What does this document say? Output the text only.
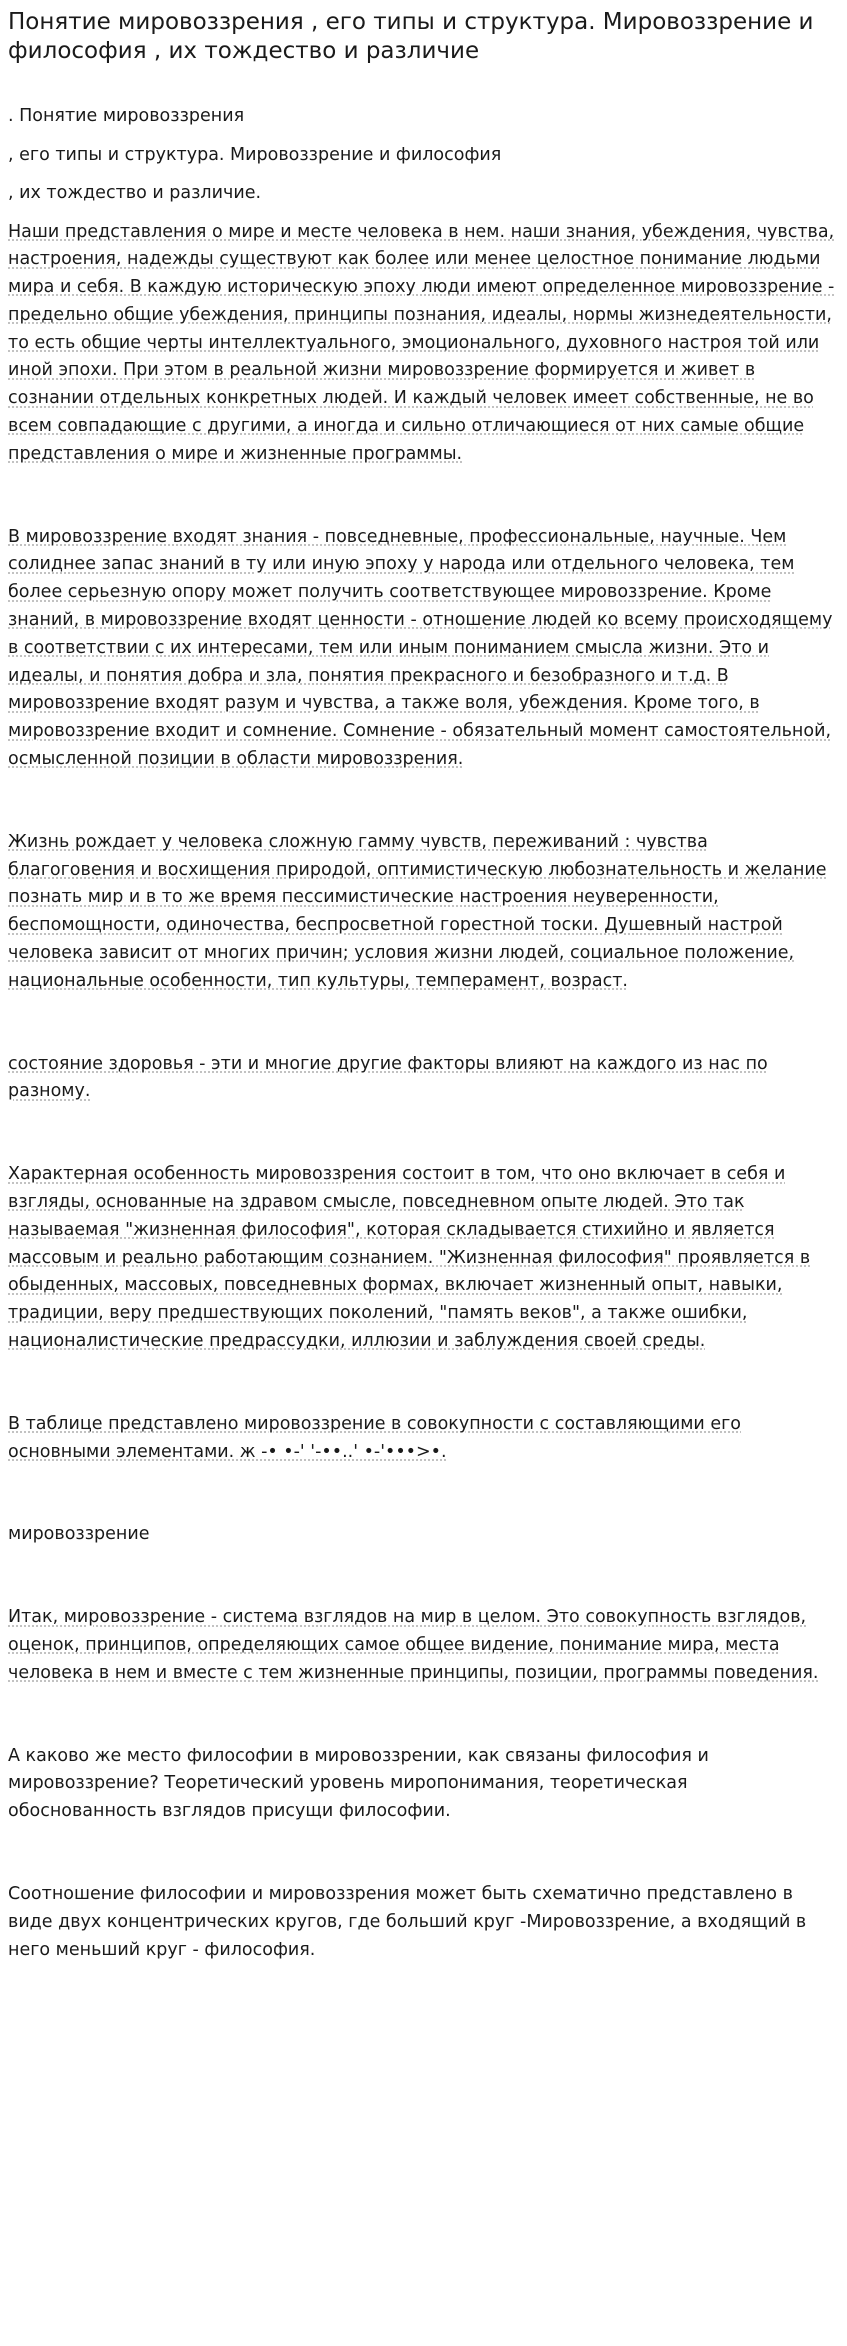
Понятие мировоззрения , его типы и структура. Мировоззрение и философия , их тождество и различие
. Понятие мировоззрения
, его типы и структура. Мировоззрение и философия
, их тождество и различие.

Наши представления о мире и месте человека в нем. наши знания, убеждения, чувства, настроения, надежды существуют как более или менее целостное понимание людьми мира и себя. В каждую историческую эпоху люди имеют определенное мировоззрение - предельно общие убеждения, принципы познания, идеалы, нормы жизнедеятельности, то есть общие черты интеллектуального, эмоционального, духовного настроя той или иной эпохи. При этом в реальной жизни мировоззрение формируется и живет в сознании отдельных конкретных людей. И каждый человек имеет собственные, не во всем совпадающие с другими, а иногда и сильно отличающиеся от них самые общие представления о мире и жизненные программы.

В мировоззрение входят знания - повседневные, профессиональные, научные. Чем солиднее запас знаний в ту или иную эпоху у народа или отдельного человека, тем более серьезную опору может получить соответствующее мировоззрение. Кроме знаний, в мировоззрение входят ценности - отношение людей ко всему происходящему в соответствии с их интересами, тем или иным пониманием смысла жизни. Это и идеалы, и понятия добра и зла, понятия прекрасного и безобразного и т.д. В мировоззрение входят разум и чувства, а также воля, убеждения. Кроме того, в мировоззрение входит и сомнение. Сомнение - обязательный момент самостоятельной, осмысленной позиции в области мировоззрения.

Жизнь рождает у человека сложную гамму чувств, переживаний : чувства благоговения и восхищения природой, оптимистическую любознательность и желание познать мир и в то же время пессимистические настроения неуверенности, беспомощности, одиночества, беспросветной горестной тоски. Душевный настрой человека зависит от многих причин; условия жизни людей, социальное положение, национальные особенности, тип культуры, темперамент, возраст.

состояние здоровья - эти и многие другие факторы влияют на каждого из нас по разному.

Характерная особенность мировоззрения состоит в том, что оно включает в себя и взгляды, основанные на здравом смысле, повседневном опыте людей. Это так называемая "жизненная философия", которая складывается стихийно и является массовым и реально работающим сознанием. "Жизненная философия" проявляется в обыденных, массовых, повседневных формах, включает жизненный опыт, навыки, традиции, веру предшествующих поколений, "память веков", а также ошибки, националистические предрассудки, иллюзии и заблуждения своей среды.

В таблице представлено мировоззрение в совокупности с составляющими его основными элементами. ж -• •-' '-••..' •-'•••>•.

мировоззрение

Итак, мировоззрение - система взглядов на мир в целом. Это совокупность взглядов, оценок, принципов, определяющих самое общее видение, понимание мира, места человека в нем и вместе с тем жизненные принципы, позиции, программы поведения.

А каково же место философии в мировоззрении, как связаны философия и мировоззрение? Теоретический уровень миропонимания, теоретическая обоснованность взглядов присущи философии.

Соотношение философии и мировоззрения может быть схематично представлено в виде двух концентрических кругов, где больший круг -Мировоззрение, а входящий в него меньший круг - философия.
